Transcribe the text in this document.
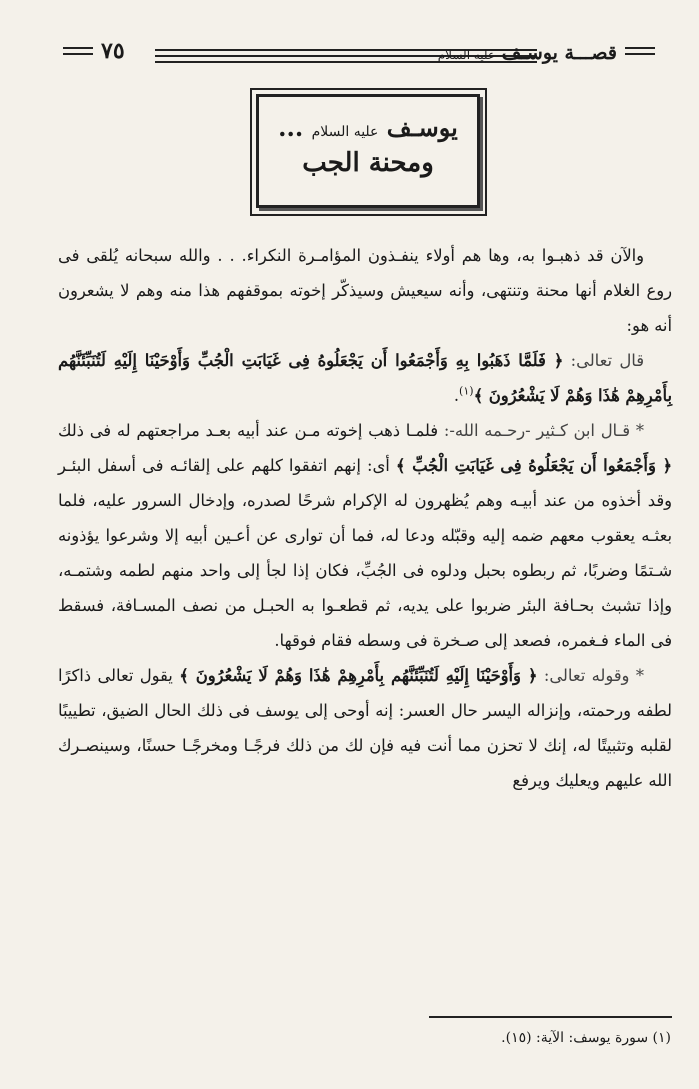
٧٥	قصـــة يوسـف عليه السلام
يوسـف عليه السلام ...
ومحنة الجب

والآن قد ذهبـوا به، وها هم أولاء ينفـذون المؤامـرة النكراء. . . والله سبحانه يُلقى فى روع الغلام أنها محنة وتنتهى، وأنه سيعيش وسيذكّر إخوته بموقفهم هذا منه وهم لا يشعرون أنه هو:

قال تعالى: ﴿ فَلَمَّا ذَهَبُوا بِهِ وَأَجْمَعُوا أَن يَجْعَلُوهُ فِى غَيَابَتِ الْجُبِّ وَأَوْحَيْنَا إِلَيْهِ لَتُنَبِّئَنَّهُم بِأَمْرِهِمْ هَٰذَا وَهُمْ لَا يَشْعُرُونَ ﴾$^{(١)}$.

* قـال ابن كـثير -رحـمه الله-: فلمـا ذهب إخوته مـن عند أبيه بعـد مراجعتهم له فى ذلك ﴿ وَأَجْمَعُوا أَن يَجْعَلُوهُ فِى غَيَابَتِ الْجُبِّ ﴾ أى: إنهم اتفقوا كلهم على إلقائـه فى أسفل البئـر وقد أخذوه من عند أبيـه وهم يُظهرون له الإكرام شرحًا لصدره، وإدخال السرور عليه، فلما بعثـه يعقوب معهم ضمه إليه وقبّله ودعا له، فما أن توارى عن أعـين أبيه إلا وشرعوا يؤذونه شـتمًا وضربًا، ثم ربطوه بحبل ودلوه فى الجُبِّ، فكان إذا لجأ إلى واحد منهم لطمه وشتمـه، وإذا تشبث بحـافة البئر ضربوا على يديه، ثم قطعـوا به الحبـل من نصف المسـافة، فسقط فى الماء فـغمره، فصعد إلى صـخرة فى وسطه فقام فوقها.

* وقوله تعالى: ﴿ وَأَوْحَيْنَا إِلَيْهِ لَتُنَبِّئَنَّهُم بِأَمْرِهِمْ هَٰذَا وَهُمْ لَا يَشْعُرُونَ ﴾ يقول تعالى ذاكرًا لطفه ورحمته، وإنزاله اليسر حال العسر: إنه أوحى إلى يوسف فى ذلك الحال الضيق، تطييبًا لقلبه وتثبيتًا له، إنك لا تحزن مما أنت فيه فإن لك من ذلك فرجًـا ومخرجًـا حسنًا، وسينصـرك الله عليهم ويعليك ويرفع

(١) سورة يوسف: الآية: (١٥).
